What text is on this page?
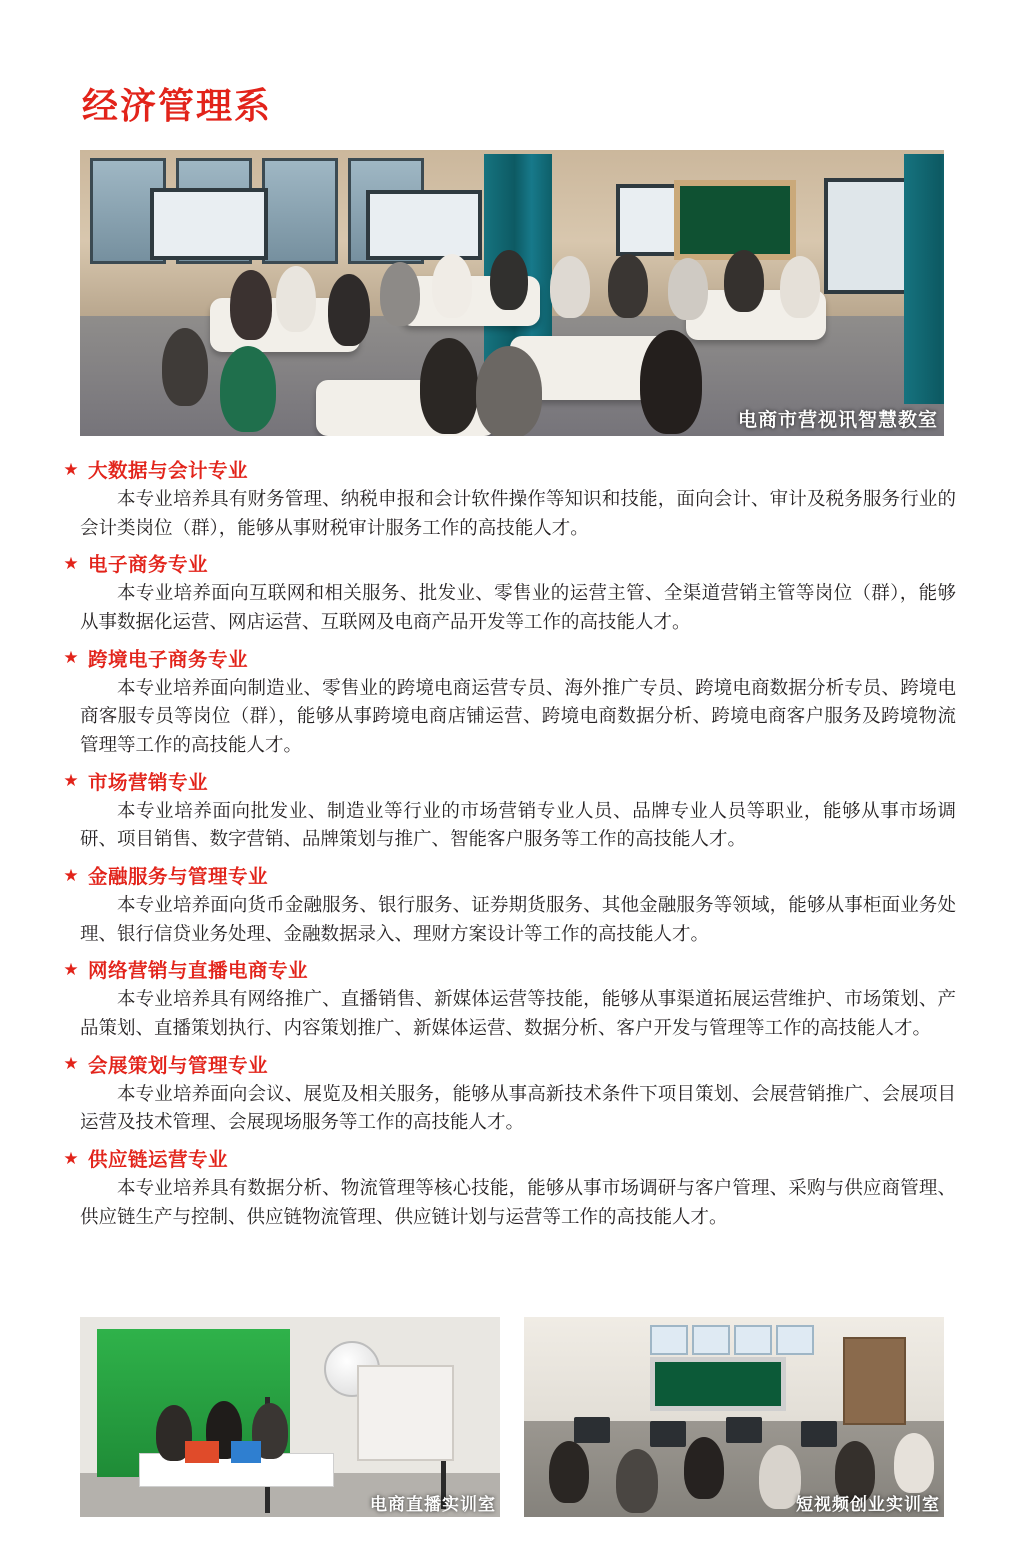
经济管理系
电商市营视讯智慧教室
★ 大数据与会计专业

本专业培养具有财务管理、纳税申报和会计软件操作等知识和技能，面向会计、审计及税务服务行业的会计类岗位（群），能够从事财税审计服务工作的高技能人才。

★ 电子商务专业

本专业培养面向互联网和相关服务、批发业、零售业的运营主管、全渠道营销主管等岗位（群），能够从事数据化运营、网店运营、互联网及电商产品开发等工作的高技能人才。

★ 跨境电子商务专业

本专业培养面向制造业、零售业的跨境电商运营专员、海外推广专员、跨境电商数据分析专员、跨境电商客服专员等岗位（群），能够从事跨境电商店铺运营、跨境电商数据分析、跨境电商客户服务及跨境物流管理等工作的高技能人才。

★ 市场营销专业

本专业培养面向批发业、制造业等行业的市场营销专业人员、品牌专业人员等职业，能够从事市场调研、项目销售、数字营销、品牌策划与推广、智能客户服务等工作的高技能人才。

★ 金融服务与管理专业

本专业培养面向货币金融服务、银行服务、证券期货服务、其他金融服务等领域，能够从事柜面业务处理、银行信贷业务处理、金融数据录入、理财方案设计等工作的高技能人才。

★ 网络营销与直播电商专业

本专业培养具有网络推广、直播销售、新媒体运营等技能，能够从事渠道拓展运营维护、市场策划、产品策划、直播策划执行、内容策划推广、新媒体运营、数据分析、客户开发与管理等工作的高技能人才。

★ 会展策划与管理专业

本专业培养面向会议、展览及相关服务，能够从事高新技术条件下项目策划、会展营销推广、会展项目运营及技术管理、会展现场服务等工作的高技能人才。

★ 供应链运营专业

本专业培养具有数据分析、物流管理等核心技能，能够从事市场调研与客户管理、采购与供应商管理、供应链生产与控制、供应链物流管理、供应链计划与运营等工作的高技能人才。

电商直播实训室	短视频创业实训室
